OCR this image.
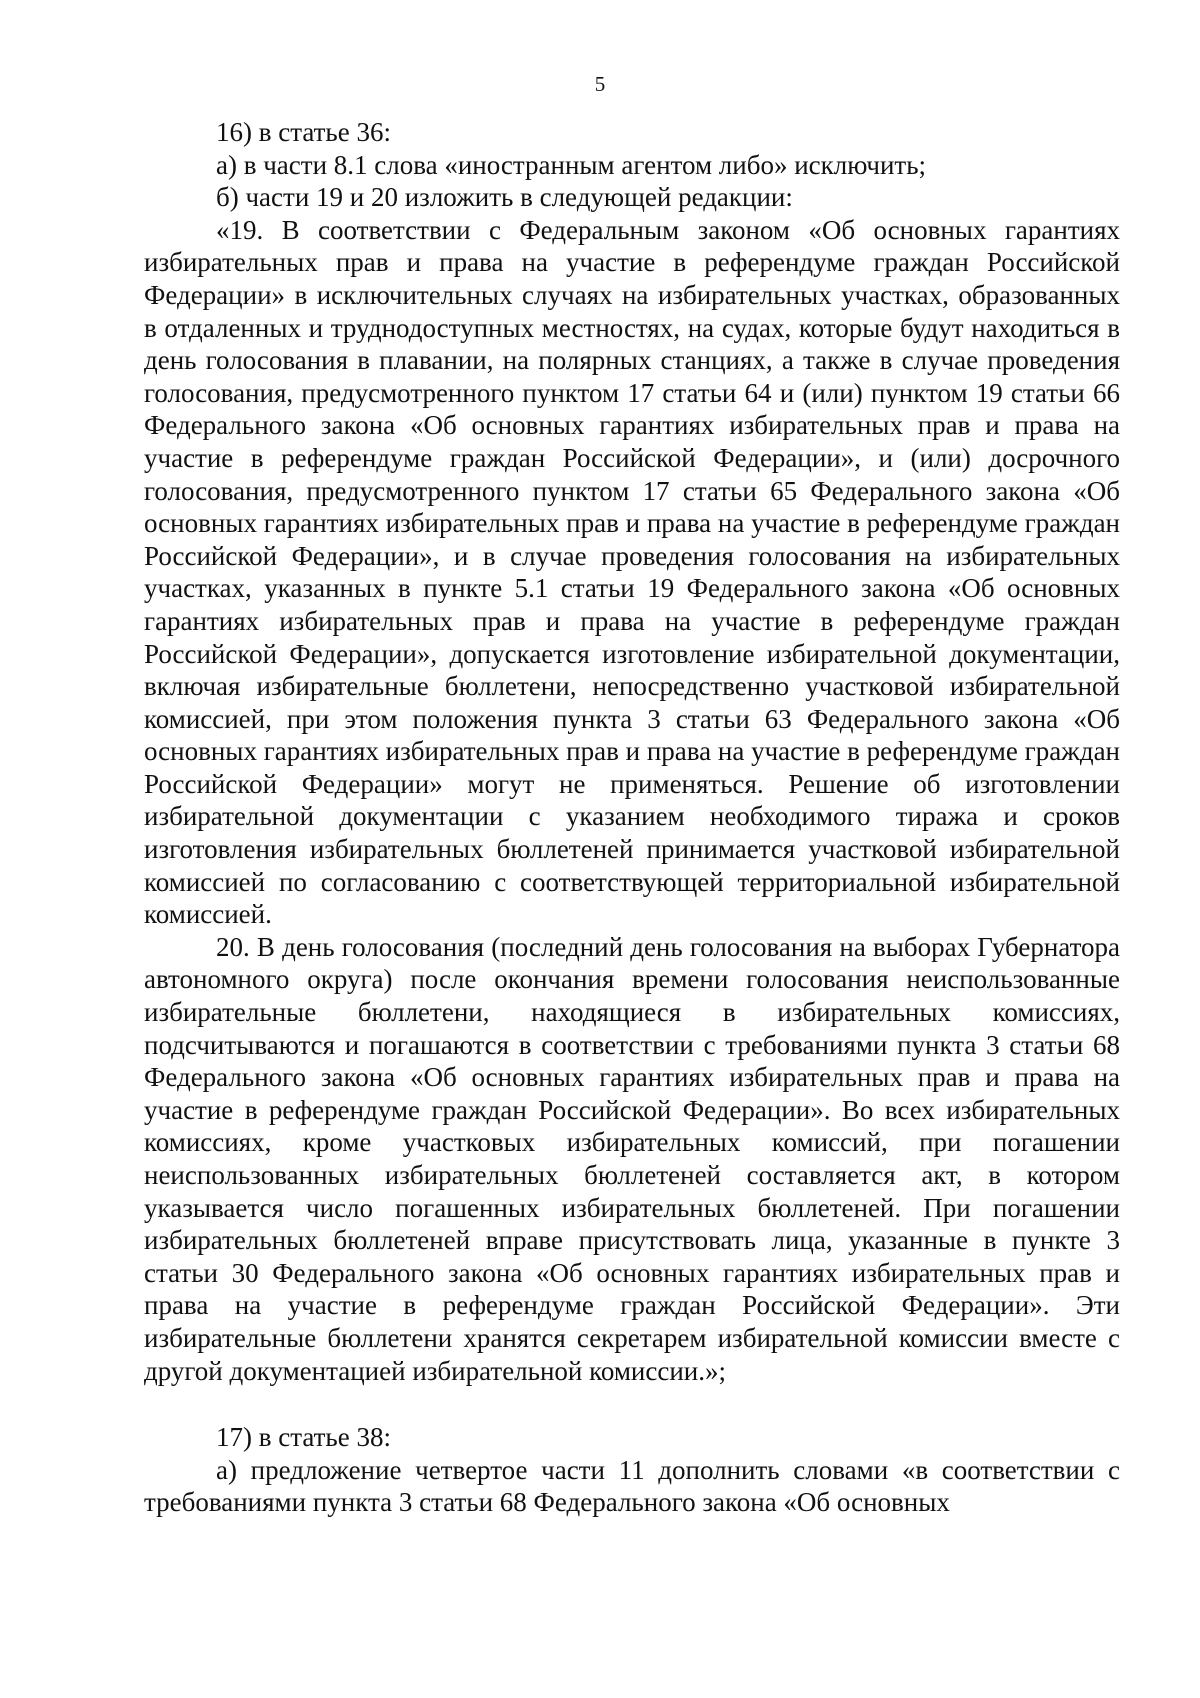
5

16) в статье 36:

а) в части 8.1 слова «иностранным агентом либо» исключить;

б) части 19 и 20 изложить в следующей редакции:

«19. В соответствии с Федеральным законом «Об основных гарантиях избирательных прав и права на участие в референдуме граждан Российской Федерации» в исключительных случаях на избирательных участках, образованных в отдаленных и труднодоступных местностях, на судах, которые будут находиться в день голосования в плавании, на полярных станциях, а также в случае проведения голосования, предусмотренного пунктом 17 статьи 64 и (или) пунктом 19 статьи 66 Федерального закона «Об основных гарантиях избирательных прав и права на участие в референдуме граждан Российской Федерации», и (или) досрочного голосования, предусмотренного пунктом 17 статьи 65 Федерального закона «Об основных гарантиях избирательных прав и права на участие в референдуме граждан Российской Федерации», и в случае проведения голосования на избирательных участках, указанных в пункте 5.1 статьи 19 Федерального закона «Об основных гарантиях избирательных прав и права на участие в референдуме граждан Российской Федерации», допускается изготовление избирательной документации, включая избирательные бюллетени, непосредственно участковой избирательной комиссией, при этом положения пункта 3 статьи 63 Федерального закона «Об основных гарантиях избирательных прав и права на участие в референдуме граждан Российской Федерации» могут не применяться. Решение об изготовлении избирательной документации с указанием необходимого тиража и сроков изготовления избирательных бюллетеней принимается участковой избирательной комиссией по согласованию с соответствующей территориальной избирательной комиссией.

20. В день голосования (последний день голосования на выборах Губернатора автономного округа) после окончания времени голосования неиспользованные избирательные бюллетени, находящиеся в избирательных комиссиях, подсчитываются и погашаются в соответствии с требованиями пункта 3 статьи 68 Федерального закона «Об основных гарантиях избирательных прав и права на участие в референдуме граждан Российской Федерации». Во всех избирательных комиссиях, кроме участковых избирательных комиссий, при погашении неиспользованных избирательных бюллетеней составляется акт, в котором указывается число погашенных избирательных бюллетеней. При погашении избирательных бюллетеней вправе присутствовать лица, указанные в пункте 3 статьи 30 Федерального закона «Об основных гарантиях избирательных прав и права на участие в референдуме граждан Российской Федерации». Эти избирательные бюллетени хранятся секретарем избирательной комиссии вместе с другой документацией избирательной комиссии.»;

17) в статье 38:

а) предложение четвертое части 11 дополнить словами «в соответствии с требованиями пункта 3 статьи 68 Федерального закона «Об основных
